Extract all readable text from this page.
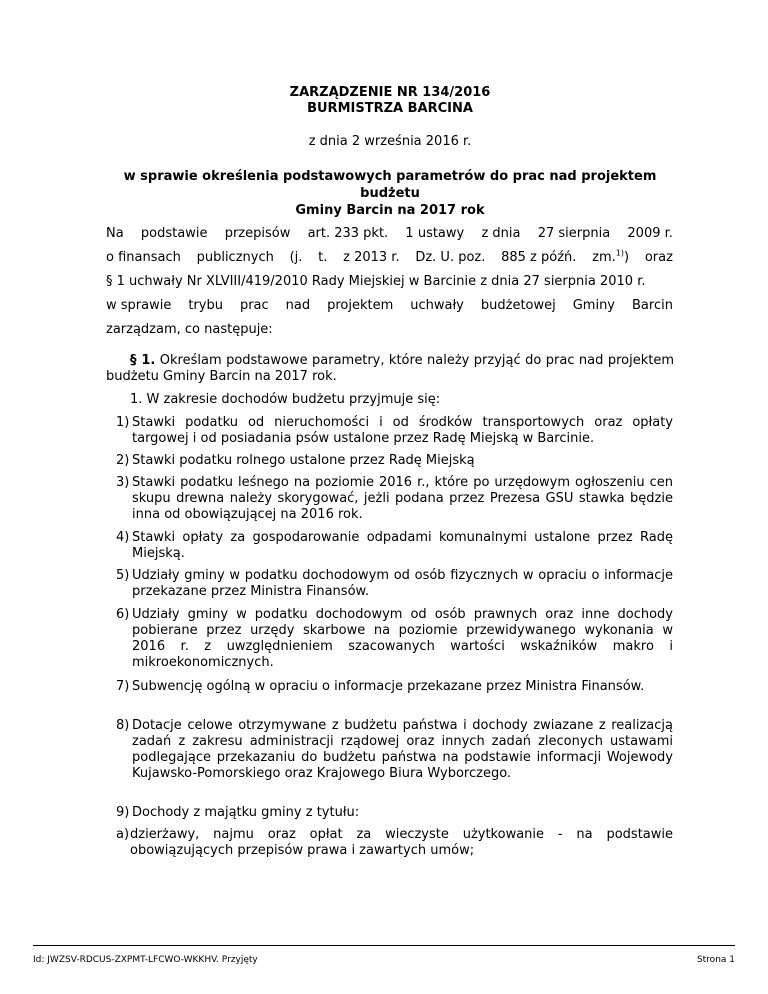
ZARZĄDZENIE NR 134/2016
BURMISTRZA BARCINA
z dnia 2 września 2016 r.
w sprawie określenia podstawowych parametrów do prac nad projektem budżetu
Gminy Barcin na 2017 rok
Na podstawie przepisów art. 233 pkt. 1 ustawy z dnia 27 sierpnia 2009 r.
o finansach publicznych (j. t. z 2013 r. Dz. U. poz. 885 z późń. zm.$^{1)}$) oraz
§ 1 uchwały Nr XLVIII/419/2010 Rady Miejskiej w Barcinie z dnia 27 sierpnia 2010 r.
w sprawie trybu prac nad projektem uchwały budżetowej Gminy Barcin
zarządzam, co następuje:
§ 1. Określam podstawowe parametry, które należy przyjąć do prac nad projektem budżetu Gminy Barcin na 2017 rok.
1. W zakresie dochodów budżetu przyjmuje się:
1) Stawki podatku od nieruchomości i od środków transportowych oraz opłaty targowej i od posiadania psów ustalone przez Radę Miejską w Barcinie.
2) Stawki podatku rolnego ustalone przez Radę Miejską
3) Stawki podatku leśnego na poziomie 2016 r., które po urzędowym ogłoszeniu cen skupu drewna należy skorygować, jeżli podana przez Prezesa GSU stawka będzie inna od obowiązującej na 2016 rok.
4) Stawki opłaty za gospodarowanie odpadami komunalnymi ustalone przez Radę Miejską.
5) Udziały gminy w podatku dochodowym od osób fizycznych w opraciu o informacje przekazane przez Ministra Finansów.
6) Udziały gminy w podatku dochodowym od osób prawnych oraz inne dochody pobierane przez urzędy skarbowe na poziomie przewidywanego wykonania w 2016 r. z uwzględnieniem szacowanych wartości wskaźników makro i mikroekonomicznych.
7) Subwencję ogólną w opraciu o informacje przekazane przez Ministra Finansów.
8) Dotacje celowe otrzymywane z budżetu państwa i dochody zwiazane z realizacją zadań z zakresu administracji rządowej oraz innych zadań zleconych ustawami podlegające przekazaniu do budżetu państwa na podstawie informacji Wojewody Kujawsko-Pomorskiego oraz Krajowego Biura Wyborczego.
9) Dochody z majątku gminy z tytułu:
a) dzierżawy, najmu oraz opłat za wieczyste użytkowanie - na podstawie obowiązujących przepisów prawa i zawartych umów;
Id: JWZSV-RDCUS-ZXPMT-LFCWO-WKKHV. Przyjęty	Strona 1
